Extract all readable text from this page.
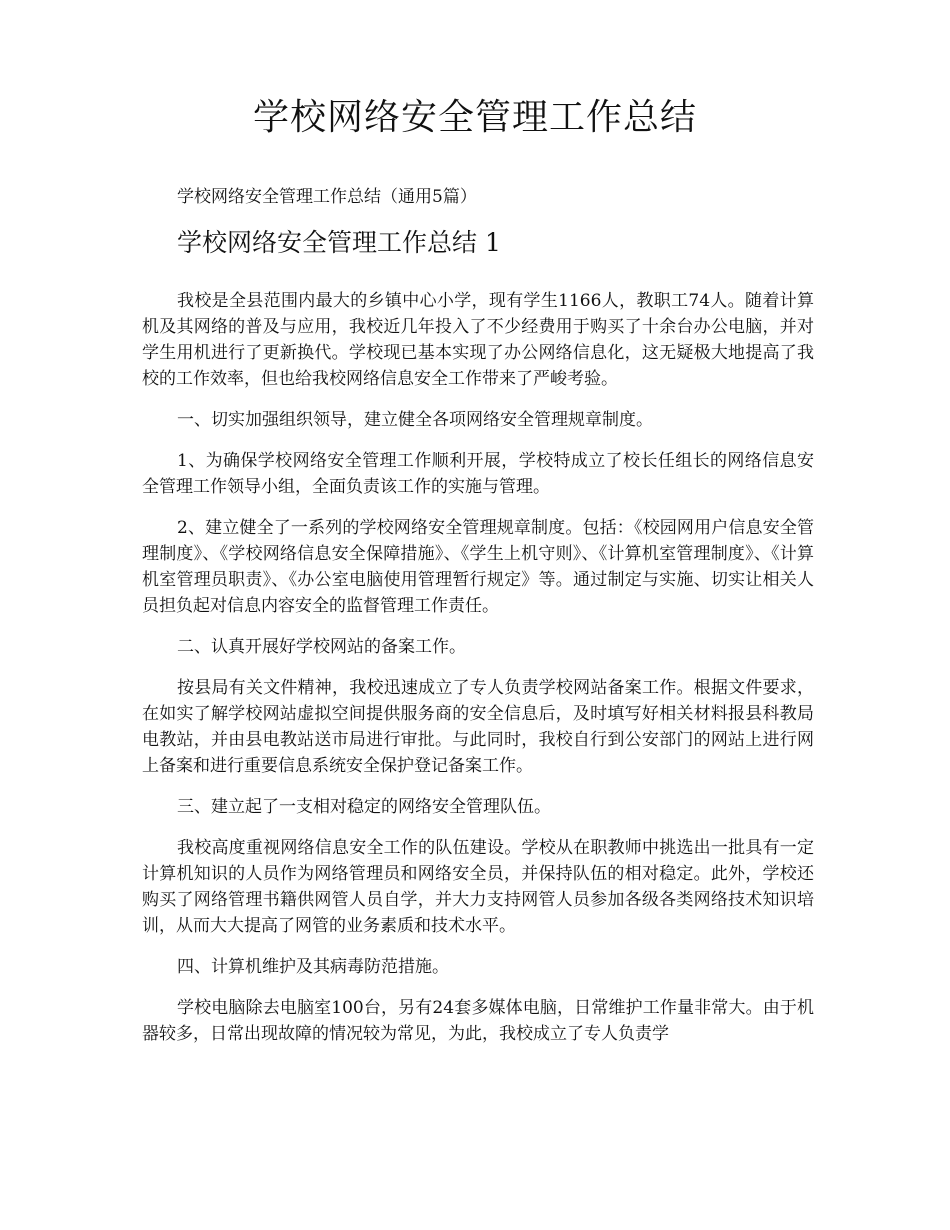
学校网络安全管理工作总结

学校网络安全管理工作总结（通用5篇）

学校网络安全管理工作总结 1

我校是全县范围内最大的乡镇中心小学，现有学生1166人，教职工74人。随着计算机及其网络的普及与应用，我校近几年投入了不少经费用于购买了十余台办公电脑，并对学生用机进行了更新换代。学校现已基本实现了办公网络信息化，这无疑极大地提高了我校的工作效率，但也给我校网络信息安全工作带来了严峻考验。

一、切实加强组织领导，建立健全各项网络安全管理规章制度。

1、为确保学校网络安全管理工作顺利开展，学校特成立了校长任组长的网络信息安全管理工作领导小组，全面负责该工作的实施与管理。

2、建立健全了一系列的学校网络安全管理规章制度。包括：《校园网用户信息安全管理制度》、《学校网络信息安全保障措施》、《学生上机守则》、《计算机室管理制度》、《计算机室管理员职责》、《办公室电脑使用管理暂行规定》等。通过制定与实施、切实让相关人员担负起对信息内容安全的监督管理工作责任。

二、认真开展好学校网站的备案工作。

按县局有关文件精神，我校迅速成立了专人负责学校网站备案工作。根据文件要求，在如实了解学校网站虚拟空间提供服务商的安全信息后，及时填写好相关材料报县科教局电教站，并由县电教站送市局进行审批。与此同时，我校自行到公安部门的网站上进行网上备案和进行重要信息系统安全保护登记备案工作。

三、建立起了一支相对稳定的网络安全管理队伍。

我校高度重视网络信息安全工作的队伍建设。学校从在职教师中挑选出一批具有一定计算机知识的人员作为网络管理员和网络安全员，并保持队伍的相对稳定。此外，学校还购买了网络管理书籍供网管人员自学，并大力支持网管人员参加各级各类网络技术知识培训，从而大大提高了网管的业务素质和技术水平。

四、计算机维护及其病毒防范措施。

学校电脑除去电脑室100台，另有24套多媒体电脑，日常维护工作量非常大。由于机器较多，日常出现故障的情况较为常见，为此，我校成立了专人负责学
